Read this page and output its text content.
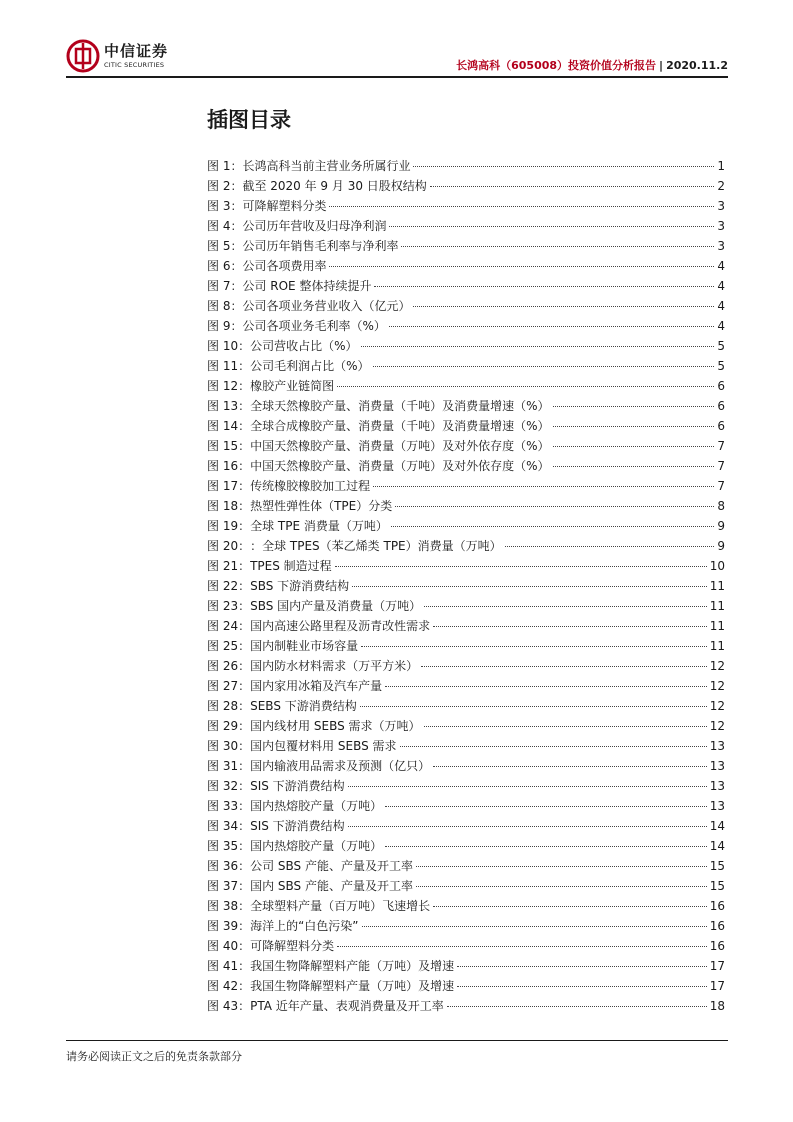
中信证券
CITIC SECURITIES	长鸿高科（605008）投资价值分析报告 | 2020.11.2
插图目录
图 1： 长鸿高科当前主营业务所属行业	1
图 2： 截至 2020 年 9 月 30 日股权结构	2
图 3： 可降解塑料分类	3
图 4： 公司历年营收及归母净利润	3
图 5： 公司历年销售毛利率与净利率	3
图 6： 公司各项费用率	4
图 7： 公司 ROE 整体持续提升	4
图 8： 公司各项业务营业收入（亿元）	4
图 9： 公司各项业务毛利率（%）	4
图 10： 公司营收占比（%）	5
图 11： 公司毛利润占比（%）	5
图 12： 橡胶产业链简图	6
图 13： 全球天然橡胶产量、消费量（千吨）及消费量增速（%）	6
图 14： 全球合成橡胶产量、消费量（千吨）及消费量增速（%）	6
图 15： 中国天然橡胶产量、消费量（万吨）及对外依存度（%）	7
图 16： 中国天然橡胶产量、消费量（万吨）及对外依存度（%）	7
图 17： 传统橡胶橡胶加工过程	7
图 18： 热塑性弹性体（TPE）分类	8
图 19： 全球 TPE 消费量（万吨）	9
图 20： ：全球 TPES（苯乙烯类 TPE）消费量（万吨）	9
图 21： TPES 制造过程	10
图 22： SBS 下游消费结构	11
图 23： SBS 国内产量及消费量（万吨）	11
图 24： 国内高速公路里程及沥青改性需求	11
图 25： 国内制鞋业市场容量	11
图 26： 国内防水材料需求（万平方米）	12
图 27： 国内家用冰箱及汽车产量	12
图 28： SEBS 下游消费结构	12
图 29： 国内线材用 SEBS 需求（万吨）	12
图 30： 国内包覆材料用 SEBS 需求	13
图 31： 国内输液用品需求及预测（亿只）	13
图 32： SIS 下游消费结构	13
图 33： 国内热熔胶产量（万吨）	13
图 34： SIS 下游消费结构	14
图 35： 国内热熔胶产量（万吨）	14
图 36： 公司 SBS 产能、产量及开工率	15
图 37： 国内 SBS 产能、产量及开工率	15
图 38： 全球塑料产量（百万吨）飞速增长	16
图 39： 海洋上的“白色污染”	16
图 40： 可降解塑料分类	16
图 41： 我国生物降解塑料产能（万吨）及增速	17
图 42： 我国生物降解塑料产量（万吨）及增速	17
图 43： PTA 近年产量、表观消费量及开工率	18
请务必阅读正文之后的免责条款部分
